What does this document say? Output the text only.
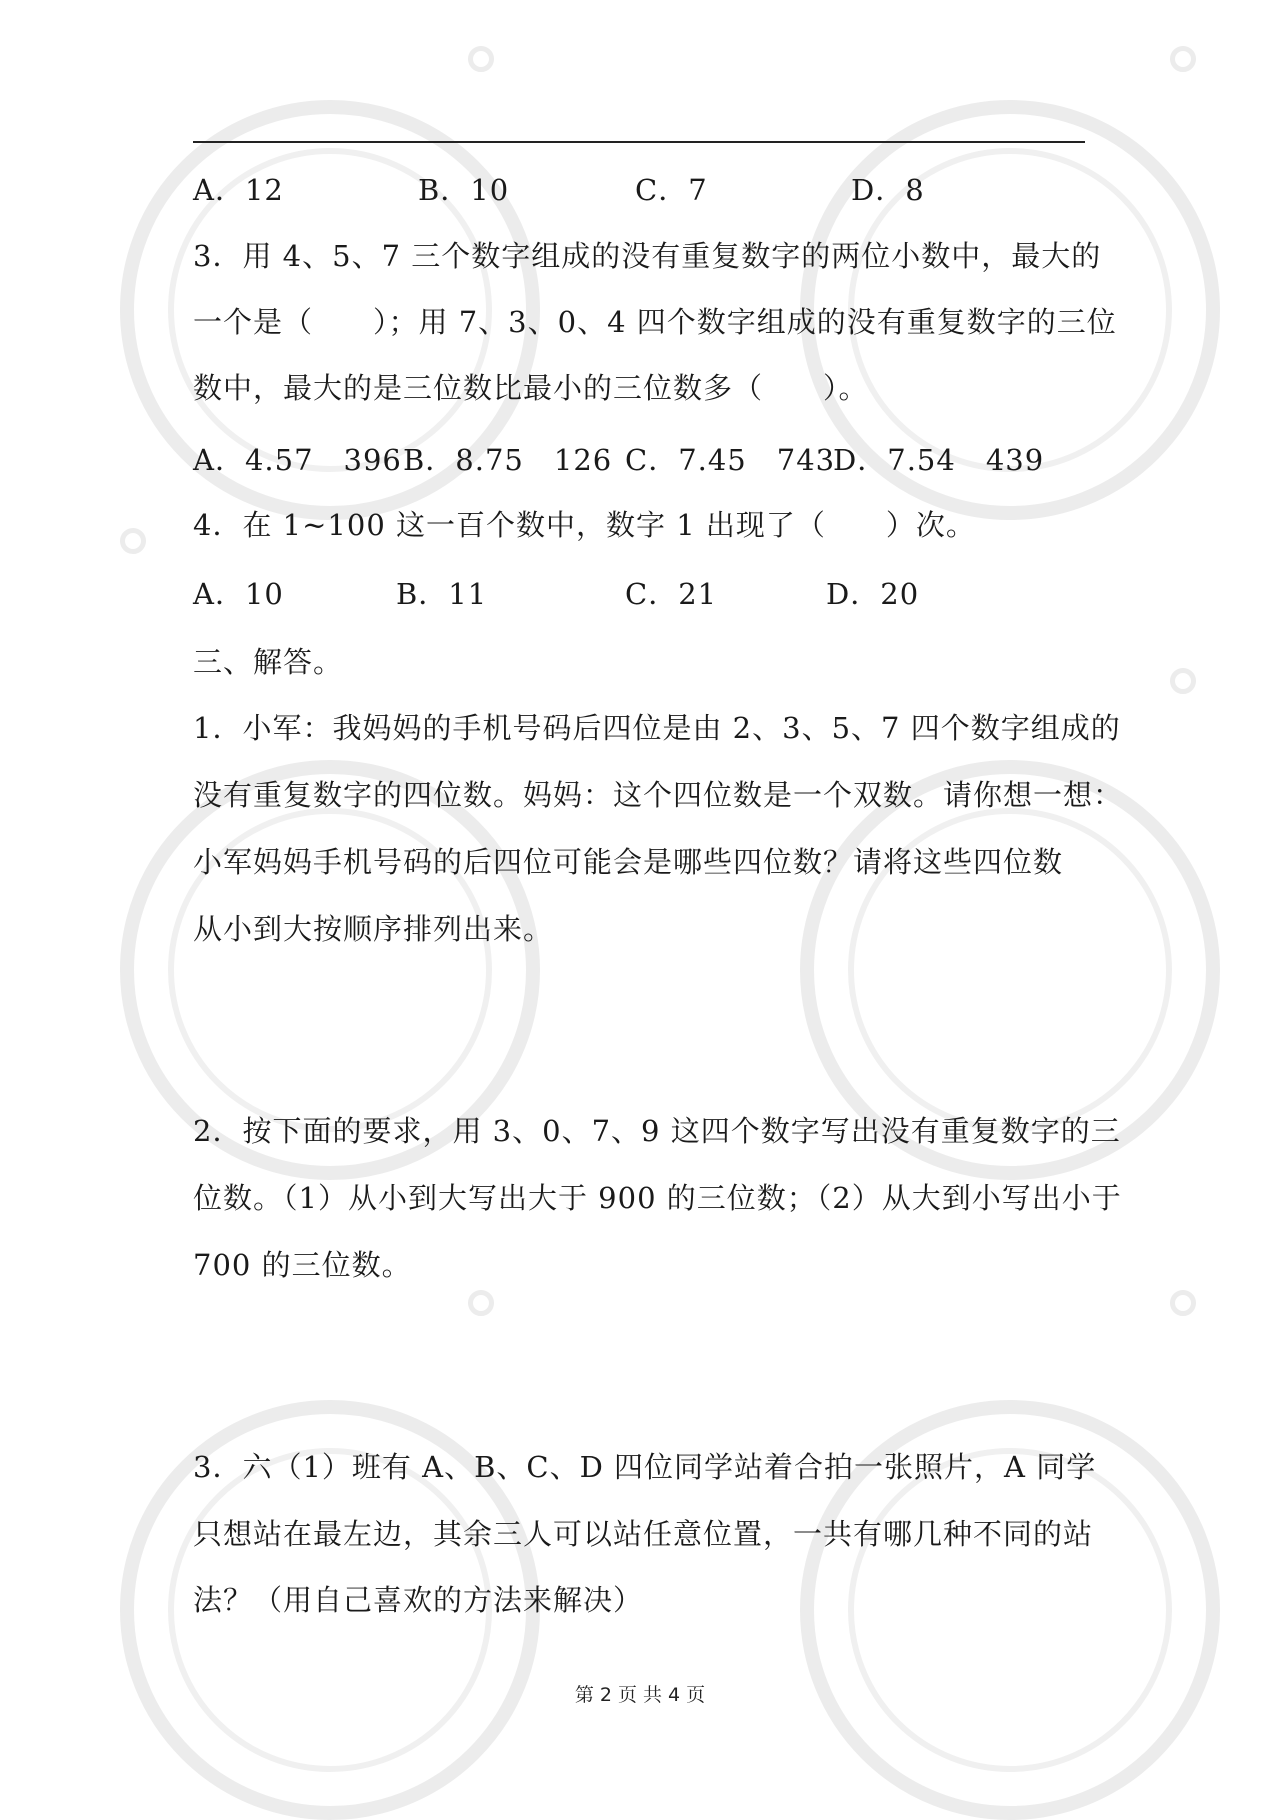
A．12	B．10	C．7	D．8
3．用 4、5、7 三个数字组成的没有重复数字的两位小数中，最大的
一个是（　　）；用 7、3、0、4 四个数字组成的没有重复数字的三位
数中，最大的是三位数比最小的三位数多（　　）。
A．4.57　396 B．8.75　126 C．7.45　743
D．7.54　439
4．在 1~100 这一百个数中，数字 1 出现了（　　）次。
A．10	B．11	C．21	D．20
三、解答。
1．小军：我妈妈的手机号码后四位是由 2、3、5、7 四个数字组成的
没有重复数字的四位数。妈妈：这个四位数是一个双数。请你想一想：
小军妈妈手机号码的后四位可能会是哪些四位数？请将这些四位数
从小到大按顺序排列出来。
2．按下面的要求，用 3、0、7、9 这四个数字写出没有重复数字的三
位数。（1）从小到大写出大于 900 的三位数；（2）从大到小写出小于
700 的三位数。
3．六（1）班有 A、B、C、D 四位同学站着合拍一张照片，A 同学
只想站在最左边，其余三人可以站任意位置，一共有哪几种不同的站
法？（用自己喜欢的方法来解决）
第 2 页 共 4 页
